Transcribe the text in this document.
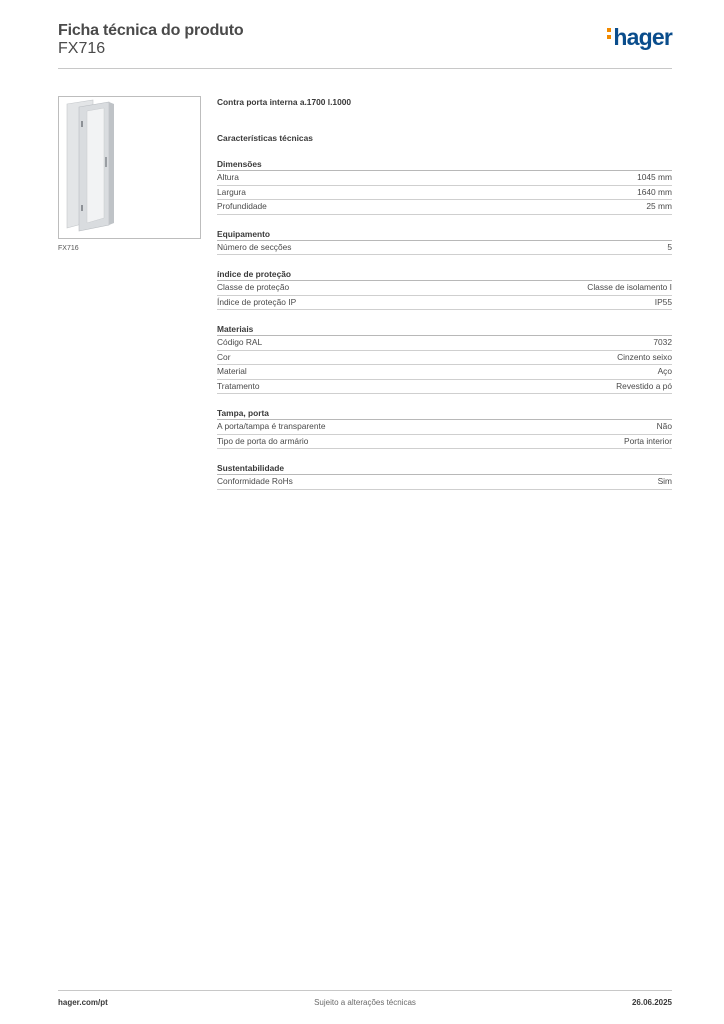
Ficha técnica do produto
FX716	hager
FX716
Contra porta interna a.1700 l.1000
Características técnicas
Dimensões
Altura	1045 mm
Largura	1640 mm
Profundidade	25 mm
Equipamento
Número de secções	5
índice de proteção
Classe de proteção	Classe de isolamento I
Índice de proteção IP	IP55
Materiais
Código RAL	7032
Cor	Cinzento seixo
Material	Aço
Tratamento	Revestido a pó
Tampa, porta
A porta/tampa é transparente	Não
Tipo de porta do armário	Porta interior
Sustentabilidade
Conformidade RoHs	Sim
hager.com/pt	Sujeito a alterações técnicas	26.06.2025
